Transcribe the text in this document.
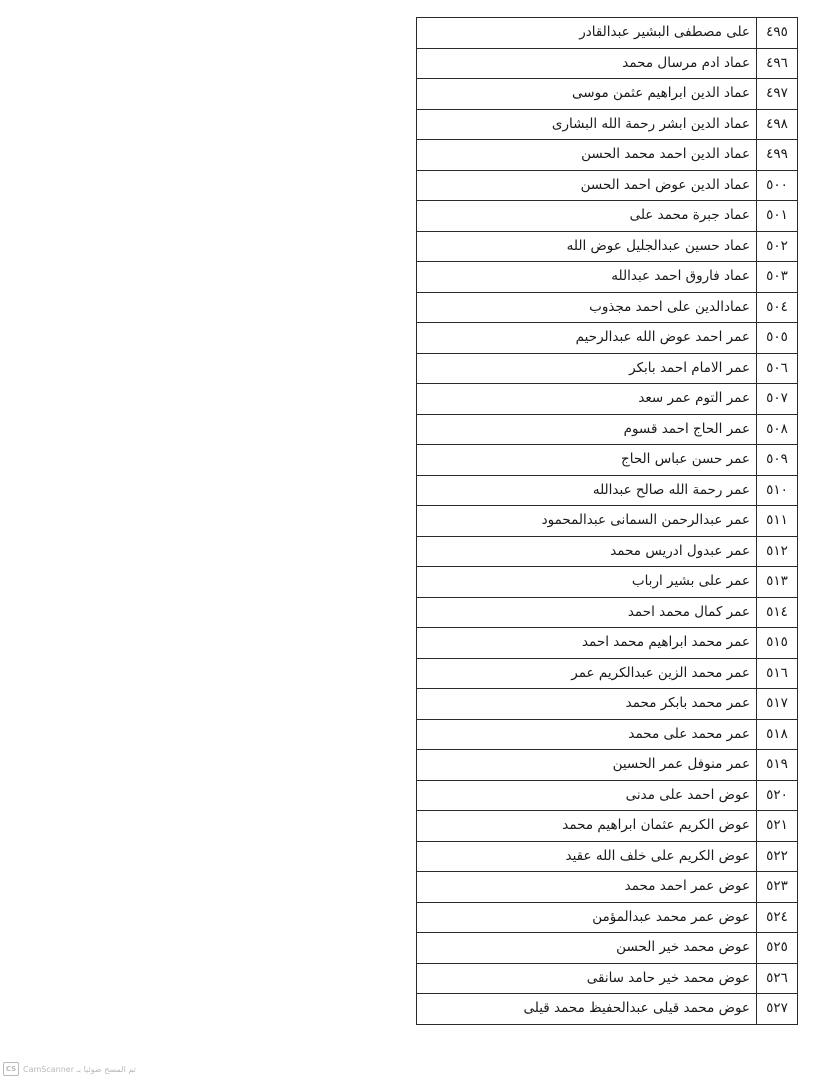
٤٩٥	على مصطفى البشير عبدالقادر
٤٩٦	عماد ادم مرسال محمد
٤٩٧	عماد الدين ابراهيم عثمن موسى
٤٩٨	عماد الدين ابشر رحمة الله البشارى
٤٩٩	عماد الدين احمد محمد الحسن
٥٠٠	عماد الدين عوض احمد الحسن
٥٠١	عماد جبرة محمد على
٥٠٢	عماد حسين عبدالجليل عوض الله
٥٠٣	عماد فاروق احمد عبدالله
٥٠٤	عمادالدين على احمد مجذوب
٥٠٥	عمر احمد عوض الله عبدالرحيم
٥٠٦	عمر الامام احمد بابكر
٥٠٧	عمر التوم عمر سعد
٥٠٨	عمر الحاج احمد قسوم
٥٠٩	عمر حسن عباس الحاج
٥١٠	عمر رحمة الله صالح عبدالله
٥١١	عمر عبدالرحمن السمانى عبدالمحمود
٥١٢	عمر عبدول ادريس محمد
٥١٣	عمر على بشير ارباب
٥١٤	عمر كمال محمد احمد
٥١٥	عمر محمد ابراهيم محمد احمد
٥١٦	عمر محمد الزين عبدالكريم عمر
٥١٧	عمر محمد بابكر محمد
٥١٨	عمر محمد على محمد
٥١٩	عمر منوفل عمر الحسين
٥٢٠	عوض احمد على مدنى
٥٢١	عوض الكريم عثمان ابراهيم محمد
٥٢٢	عوض الكريم على خلف الله عقيد
٥٢٣	عوض عمر احمد محمد
٥٢٤	عوض عمر محمد عبدالمؤمن
٥٢٥	عوض محمد خير الحسن
٥٢٦	عوض محمد خير حامد سانقى
٥٢٧	عوض محمد قيلى عبدالحفيظ محمد قيلى
CS CamScanner تم المسح ضوئيا بـ
